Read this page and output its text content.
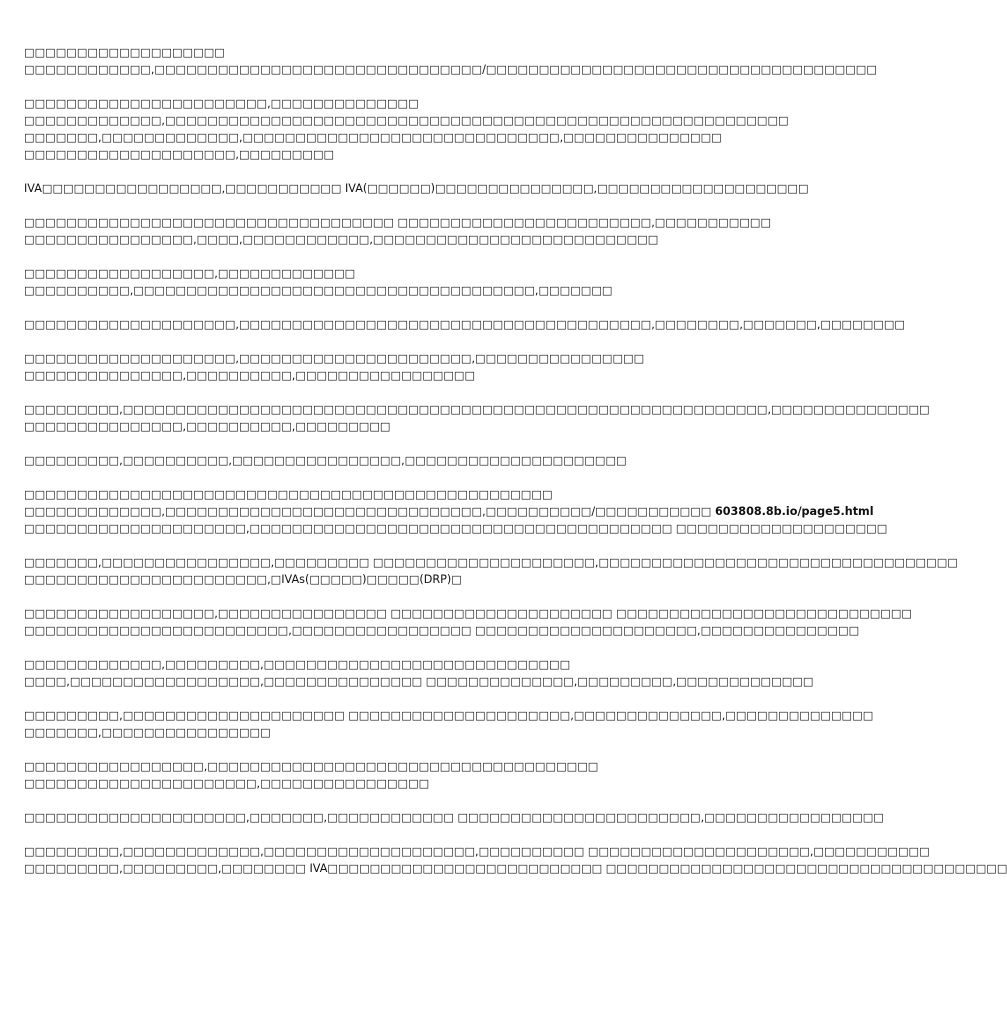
□□□□□□□□□□□□□□□□□□□
□□□□□□□□□□□□,□□□□□□□□□□□□□□□□□□□□□□□□□□□□□□□/□□□□□□□□□□□□□□□□□□□□□□□□□□□□□□□□□□□□□
□□□□□□□□□□□□□□□□□□□□□□□,□□□□□□□□□□□□□□
□□□□□□□□□□□□□,□□□□□□□□□□□□□□□□□□□□□□□□□□□□□□□□□□□□□□□□□□□□□□□□□□□□□□□□□□□
□□□□□□□,□□□□□□□□□□□□□,□□□□□□□□□□□□□□□□□□□□□□□□□□□□□□,□□□□□□□□□□□□□□□
□□□□□□□□□□□□□□□□□□□□,□□□□□□□□□
IVA□□□□□□□□□□□□□□□□□,□□□□□□□□□□□ IVA(□□□□□□)□□□□□□□□□□□□□□□,□□□□□□□□□□□□□□□□□□□□
□□□□□□□□□□□□□□□□□□□□□□□□□□□□□□□□□□□ □□□□□□□□□□□□□□□□□□□□□□□□,□□□□□□□□□□□
□□□□□□□□□□□□□□□□,□□□□,□□□□□□□□□□□□,□□□□□□□□□□□□□□□□□□□□□□□□□□□
□□□□□□□□□□□□□□□□□□,□□□□□□□□□□□□□
□□□□□□□□□□,□□□□□□□□□□□□□□□□□□□□□□□□□□□□□□□□□□□□□□,□□□□□□□
□□□□□□□□□□□□□□□□□□□□,□□□□□□□□□□□□□□□□□□□□□□□□□□□□□□□□□□□□□□□,□□□□□□□□,□□□□□□□,□□□□□□□□
□□□□□□□□□□□□□□□□□□□□,□□□□□□□□□□□□□□□□□□□□□□,□□□□□□□□□□□□□□□□
□□□□□□□□□□□□□□□,□□□□□□□□□□,□□□□□□□□□□□□□□□□□
□□□□□□□□□,□□□□□□□□□□□□□□□□□□□□□□□□□□□□□□□□□□□□□□□□□□□□□□□□□□□□□□□□□□□□□,□□□□□□□□□□□□□□□
□□□□□□□□□□□□□□□,□□□□□□□□□□,□□□□□□□□□
□□□□□□□□□,□□□□□□□□□□,□□□□□□□□□□□□□□□□,□□□□□□□□□□□□□□□□□□□□□
□□□□□□□□□□□□□□□□□□□□□□□□□□□□□□□□□□□□□□□□□□□□□□□□□□
□□□□□□□□□□□□□,□□□□□□□□□□□□□□□□□□□□□□□□□□□□□□,□□□□□□□□□□/□□□□□□□□□□□ 603808.8b.io/page5.html
□□□□□□□□□□□□□□□□□□□□□,□□□□□□□□□□□□□□□□□□□□□□□□□□□□□□□□□□□□□□□□ □□□□□□□□□□□□□□□□□□□□
□□□□□□□,□□□□□□□□□□□□□□□□,□□□□□□□□□ □□□□□□□□□□□□□□□□□□□□□,□□□□□□□□□□□□□□□□□□□□□□□□□□□□□□□□□□
□□□□□□□□□□□□□□□□□□□□□□□,□IVAs(□□□□□)□□□□□(DRP)□
□□□□□□□□□□□□□□□□□□,□□□□□□□□□□□□□□□□ □□□□□□□□□□□□□□□□□□□□□ □□□□□□□□□□□□□□□□□□□□□□□□□□□□
□□□□□□□□□□□□□□□□□□□□□□□□□,□□□□□□□□□□□□□□□□□ □□□□□□□□□□□□□□□□□□□□□,□□□□□□□□□□□□□□□
□□□□□□□□□□□□□,□□□□□□□□□,□□□□□□□□□□□□□□□□□□□□□□□□□□□□□
□□□□,□□□□□□□□□□□□□□□□□□,□□□□□□□□□□□□□□□ □□□□□□□□□□□□□□,□□□□□□□□□,□□□□□□□□□□□□□
□□□□□□□□□,□□□□□□□□□□□□□□□□□□□□□ □□□□□□□□□□□□□□□□□□□□□,□□□□□□□□□□□□□□,□□□□□□□□□□□□□□
□□□□□□□,□□□□□□□□□□□□□□□□
□□□□□□□□□□□□□□□□□,□□□□□□□□□□□□□□□□□□□□□□□□□□□□□□□□□□□□□
□□□□□□□□□□□□□□□□□□□□□□,□□□□□□□□□□□□□□□□
□□□□□□□□□□□□□□□□□□□□□,□□□□□□□,□□□□□□□□□□□□ □□□□□□□□□□□□□□□□□□□□□□□,□□□□□□□□□□□□□□□□□
□□□□□□□□□,□□□□□□□□□□□□□,□□□□□□□□□□□□□□□□□□□□,□□□□□□□□□□ □□□□□□□□□□□□□□□□□□□□□,□□□□□□□□□□□
□□□□□□□□□,□□□□□□□□□,□□□□□□□□ IVA□□□□□□□□□□□□□□□□□□□□□□□□□□ □□□□□□□□□□□□□□□□□□□□□□□□□□□□□□□□□□□□□□
